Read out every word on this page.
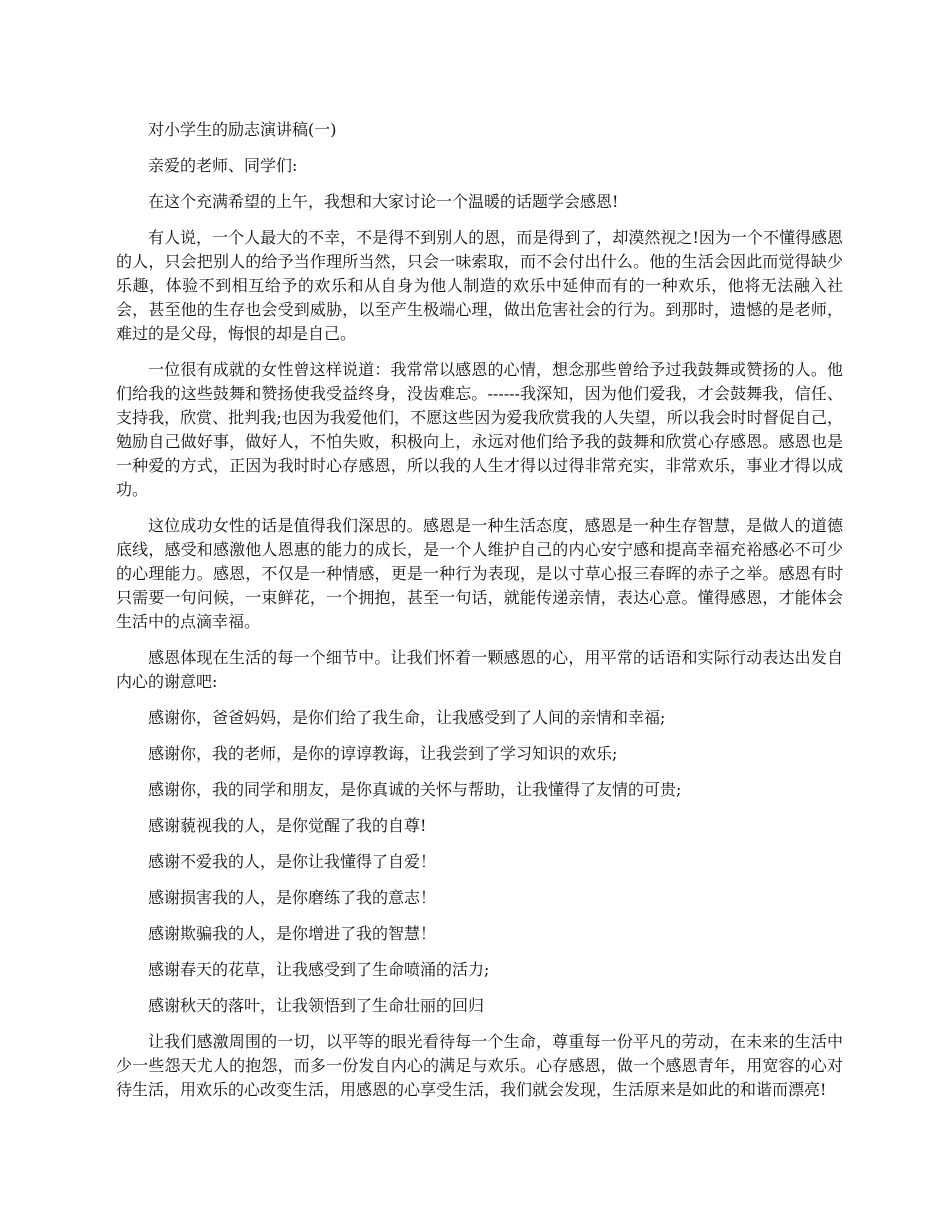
对小学生的励志演讲稿(一)

亲爱的老师、同学们:

在这个充满希望的上午，我想和大家讨论一个温暖的话题学会感恩!

有人说，一个人最大的不幸，不是得不到别人的恩，而是得到了，却漠然视之!因为一个不懂得感恩的人，只会把别人的给予当作理所当然，只会一味索取，而不会付出什么。他的生活会因此而觉得缺少乐趣，体验不到相互给予的欢乐和从自身为他人制造的欢乐中延伸而有的一种欢乐，他将无法融入社会，甚至他的生存也会受到威胁，以至产生极端心理，做出危害社会的行为。到那时，遗憾的是老师，难过的是父母，悔恨的却是自己。

一位很有成就的女性曾这样说道：我常常以感恩的心情，想念那些曾给予过我鼓舞或赞扬的人。他们给我的这些鼓舞和赞扬使我受益终身，没齿难忘。------我深知，因为他们爱我，才会鼓舞我，信任、支持我，欣赏、批判我;也因为我爱他们，不愿这些因为爱我欣赏我的人失望，所以我会时时督促自己，勉励自己做好事，做好人，不怕失败，积极向上，永远对他们给予我的鼓舞和欣赏心存感恩。感恩也是一种爱的方式，正因为我时时心存感恩，所以我的人生才得以过得非常充实，非常欢乐，事业才得以成功。

这位成功女性的话是值得我们深思的。感恩是一种生活态度，感恩是一种生存智慧，是做人的道德底线，感受和感激他人恩惠的能力的成长，是一个人维护自己的内心安宁感和提高幸福充裕感必不可少的心理能力。感恩，不仅是一种情感，更是一种行为表现，是以寸草心报三春晖的赤子之举。感恩有时只需要一句问候，一束鲜花，一个拥抱，甚至一句话，就能传递亲情，表达心意。懂得感恩，才能体会生活中的点滴幸福。

感恩体现在生活的每一个细节中。让我们怀着一颗感恩的心，用平常的话语和实际行动表达出发自内心的谢意吧:

感谢你，爸爸妈妈，是你们给了我生命，让我感受到了人间的亲情和幸福;

感谢你，我的老师，是你的谆谆教诲，让我尝到了学习知识的欢乐;

感谢你，我的同学和朋友，是你真诚的关怀与帮助，让我懂得了友情的可贵;

感谢藐视我的人，是你觉醒了我的自尊!

感谢不爱我的人，是你让我懂得了自爱！

感谢损害我的人，是你磨练了我的意志！

感谢欺骗我的人，是你增进了我的智慧！

感谢春天的花草，让我感受到了生命喷涌的活力;

感谢秋天的落叶，让我领悟到了生命壮丽的回归

让我们感激周围的一切，以平等的眼光看待每一个生命，尊重每一份平凡的劳动，在未来的生活中少一些怨天尤人的抱怨，而多一份发自内心的满足与欢乐。心存感恩，做一个感恩青年，用宽容的心对待生活，用欢乐的心改变生活，用感恩的心享受生活，我们就会发现，生活原来是如此的和谐而漂亮!
